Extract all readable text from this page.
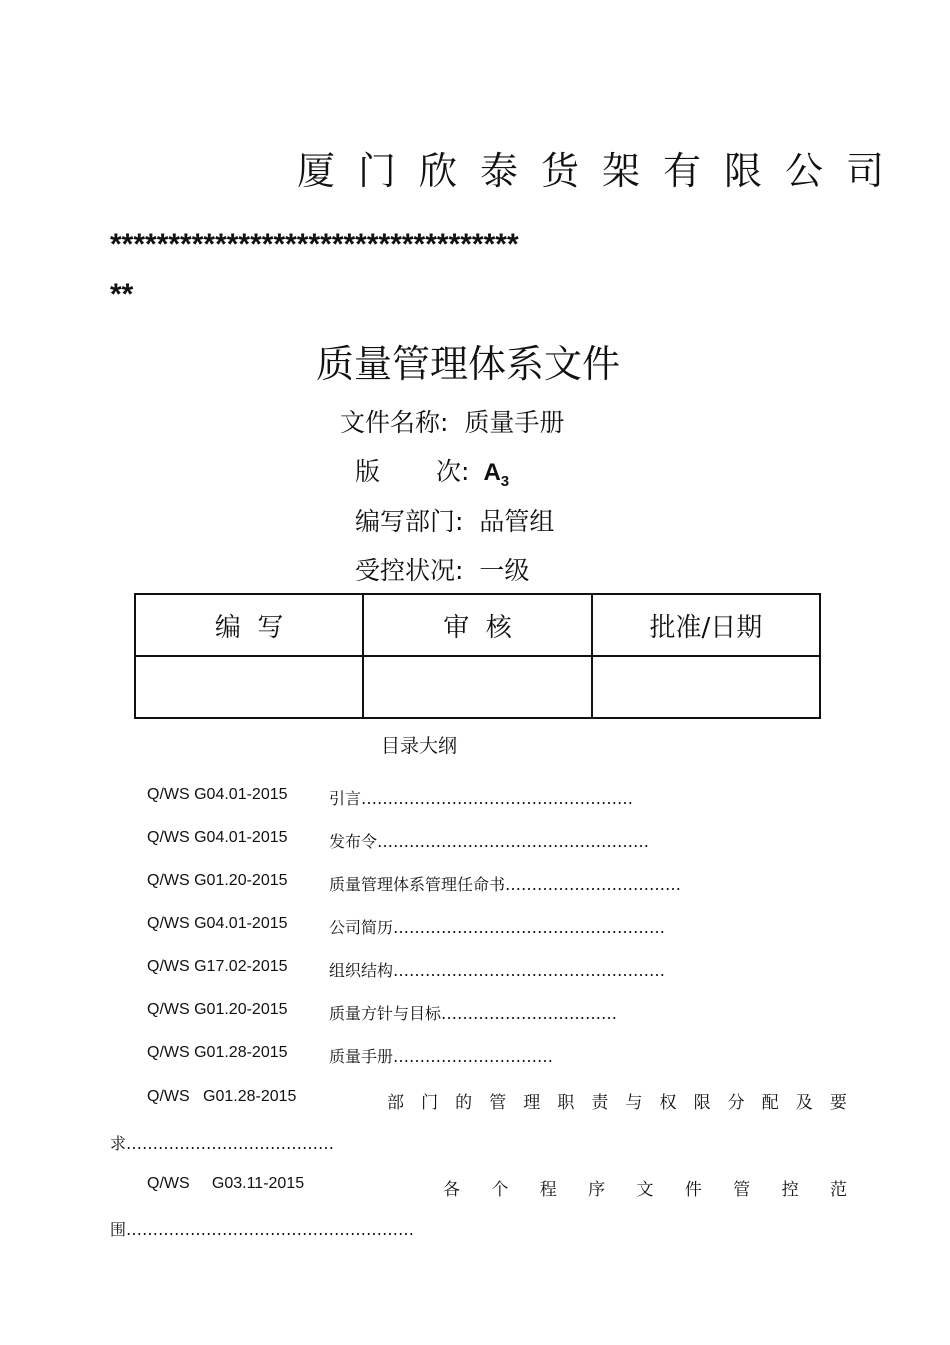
厦门欣泰货架有限公司
***********************************
**
质量管理体系文件
文件名称: 质量手册
版 次: $A_3$
编写部门: 品管组
受控状况: 一级
编  写	审  核	批准/日期

目录大纲
Q/WS G04.01-2015	引言……………………………………………
Q/WS G04.01-2015	发布令……………………………………………
Q/WS G01.20-2015	质量管理体系管理任命书……………………………
Q/WS G04.01-2015	公司简历……………………………………………
Q/WS G17.02-2015	组织结构……………………………………………
Q/WS G01.20-2015	质量方针与目标……………………………
Q/WS G01.28-2015	质量手册…………………………
Q/WS   G01.28-2015	部 门 的 管 理 职 责 与 权 限 分 配 及 要
求…………………………………
Q/WS     G03.11-2015	各 个 程 序 文 件 管 控 范
围………………………………………………
